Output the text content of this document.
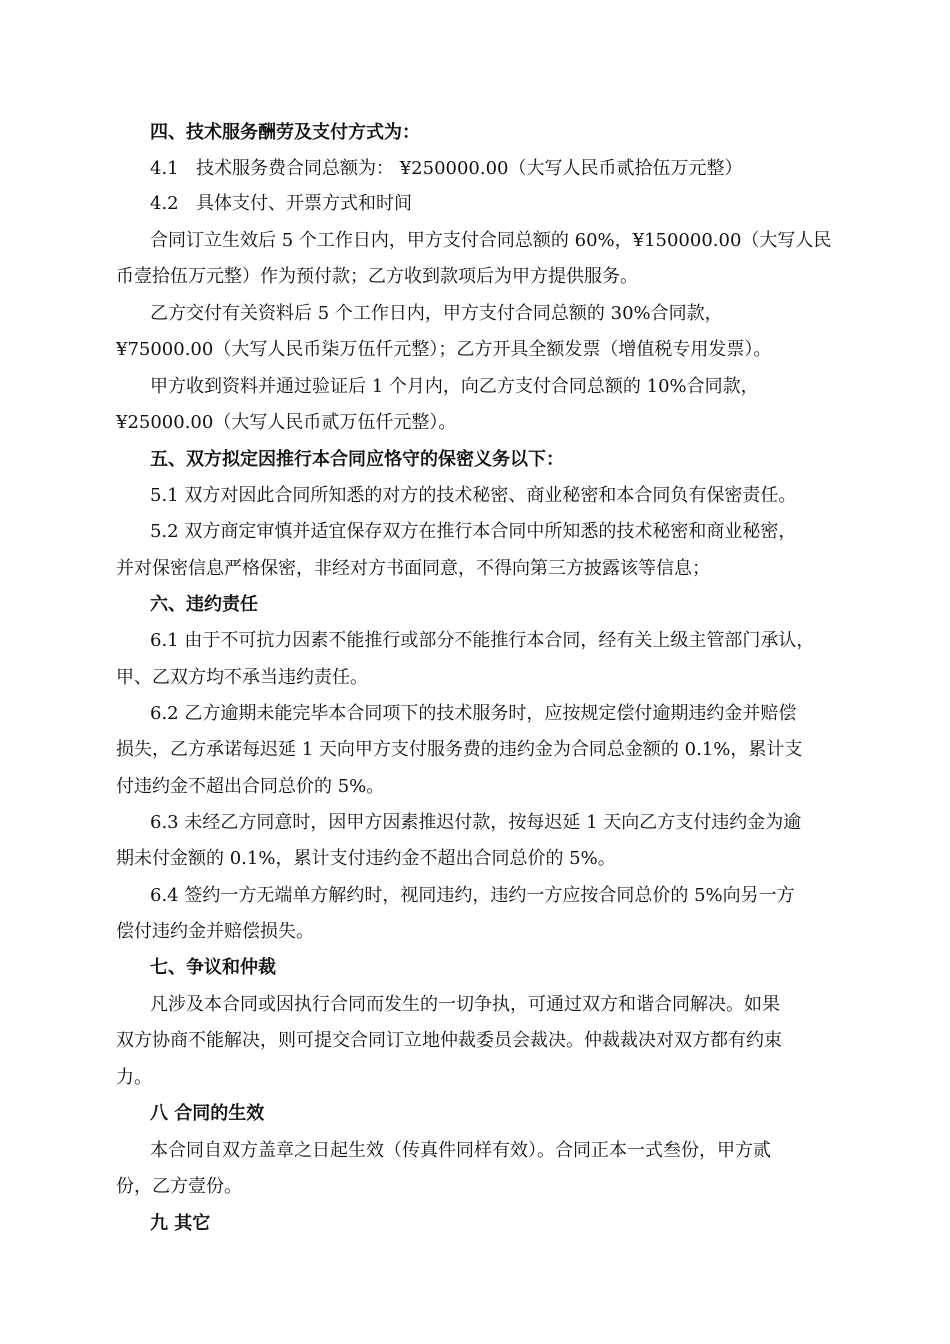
四、技术服务酬劳及支付方式为：
4.1 技术服务费合同总额为： ¥250000.00（大写人民币贰拾伍万元整）
4.2 具体支付、开票方式和时间
合同订立生效后 5 个工作日内，甲方支付合同总额的 60%，¥150000.00（大写人民
币壹拾伍万元整）作为预付款；乙方收到款项后为甲方提供服务。
乙方交付有关资料后 5 个工作日内，甲方支付合同总额的 30%合同款，
¥75000.00（大写人民币柒万伍仟元整）；乙方开具全额发票（增值税专用发票）。
甲方收到资料并通过验证后 1 个月内，向乙方支付合同总额的 10%合同款，
¥25000.00（大写人民币贰万伍仟元整）。
五、双方拟定因推行本合同应恪守的保密义务以下：
5.1 双方对因此合同所知悉的对方的技术秘密、商业秘密和本合同负有保密责任。
5.2 双方商定审慎并适宜保存双方在推行本合同中所知悉的技术秘密和商业秘密，
并对保密信息严格保密，非经对方书面同意，不得向第三方披露该等信息；
六、违约责任
6.1 由于不可抗力因素不能推行或部分不能推行本合同，经有关上级主管部门承认，
甲、乙双方均不承当违约责任。
6.2 乙方逾期未能完毕本合同项下的技术服务时，应按规定偿付逾期违约金并赔偿
损失，乙方承诺每迟延 1 天向甲方支付服务费的违约金为合同总金额的 0.1%，累计支
付违约金不超出合同总价的 5%。
6.3 未经乙方同意时，因甲方因素推迟付款，按每迟延 1 天向乙方支付违约金为逾
期未付金额的 0.1%，累计支付违约金不超出合同总价的 5%。
6.4 签约一方无端单方解约时，视同违约，违约一方应按合同总价的 5%向另一方
偿付违约金并赔偿损失。
七、争议和仲裁
凡涉及本合同或因执行合同而发生的一切争执，可通过双方和谐合同解决。如果
双方协商不能解决，则可提交合同订立地仲裁委员会裁决。仲裁裁决对双方都有约束
力。
八 合同的生效
本合同自双方盖章之日起生效（传真件同样有效）。合同正本一式叁份，甲方贰
份，乙方壹份。
九 其它
